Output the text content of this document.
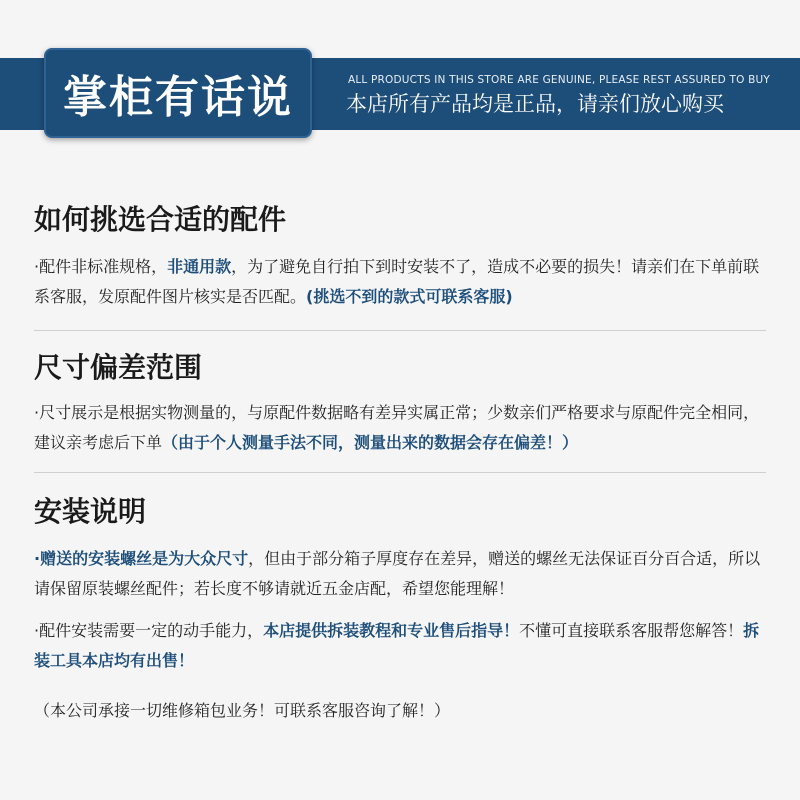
掌柜有话说	ALL PRODUCTS IN THIS STORE ARE GENUINE, PLEASE REST ASSURED TO BUY
本店所有产品均是正品，请亲们放心购买
如何挑选合适的配件

·配件非标准规格，非通用款，为了避免自行拍下到时安装不了，造成不必要的损失！请亲们在下单前联系客服，发原配件图片核实是否匹配。(挑选不到的款式可联系客服)

尺寸偏差范围

·尺寸展示是根据实物测量的，与原配件数据略有差异实属正常；少数亲们严格要求与原配件完全相同，建议亲考虑后下单（由于个人测量手法不同，测量出来的数据会存在偏差！）

安装说明

·赠送的安装螺丝是为大众尺寸，但由于部分箱子厚度存在差异，赠送的螺丝无法保证百分百合适，所以请保留原装螺丝配件；若长度不够请就近五金店配，希望您能理解！

·配件安装需要一定的动手能力，本店提供拆装教程和专业售后指导！不懂可直接联系客服帮您解答！拆装工具本店均有出售！

（本公司承接一切维修箱包业务！可联系客服咨询了解！）
